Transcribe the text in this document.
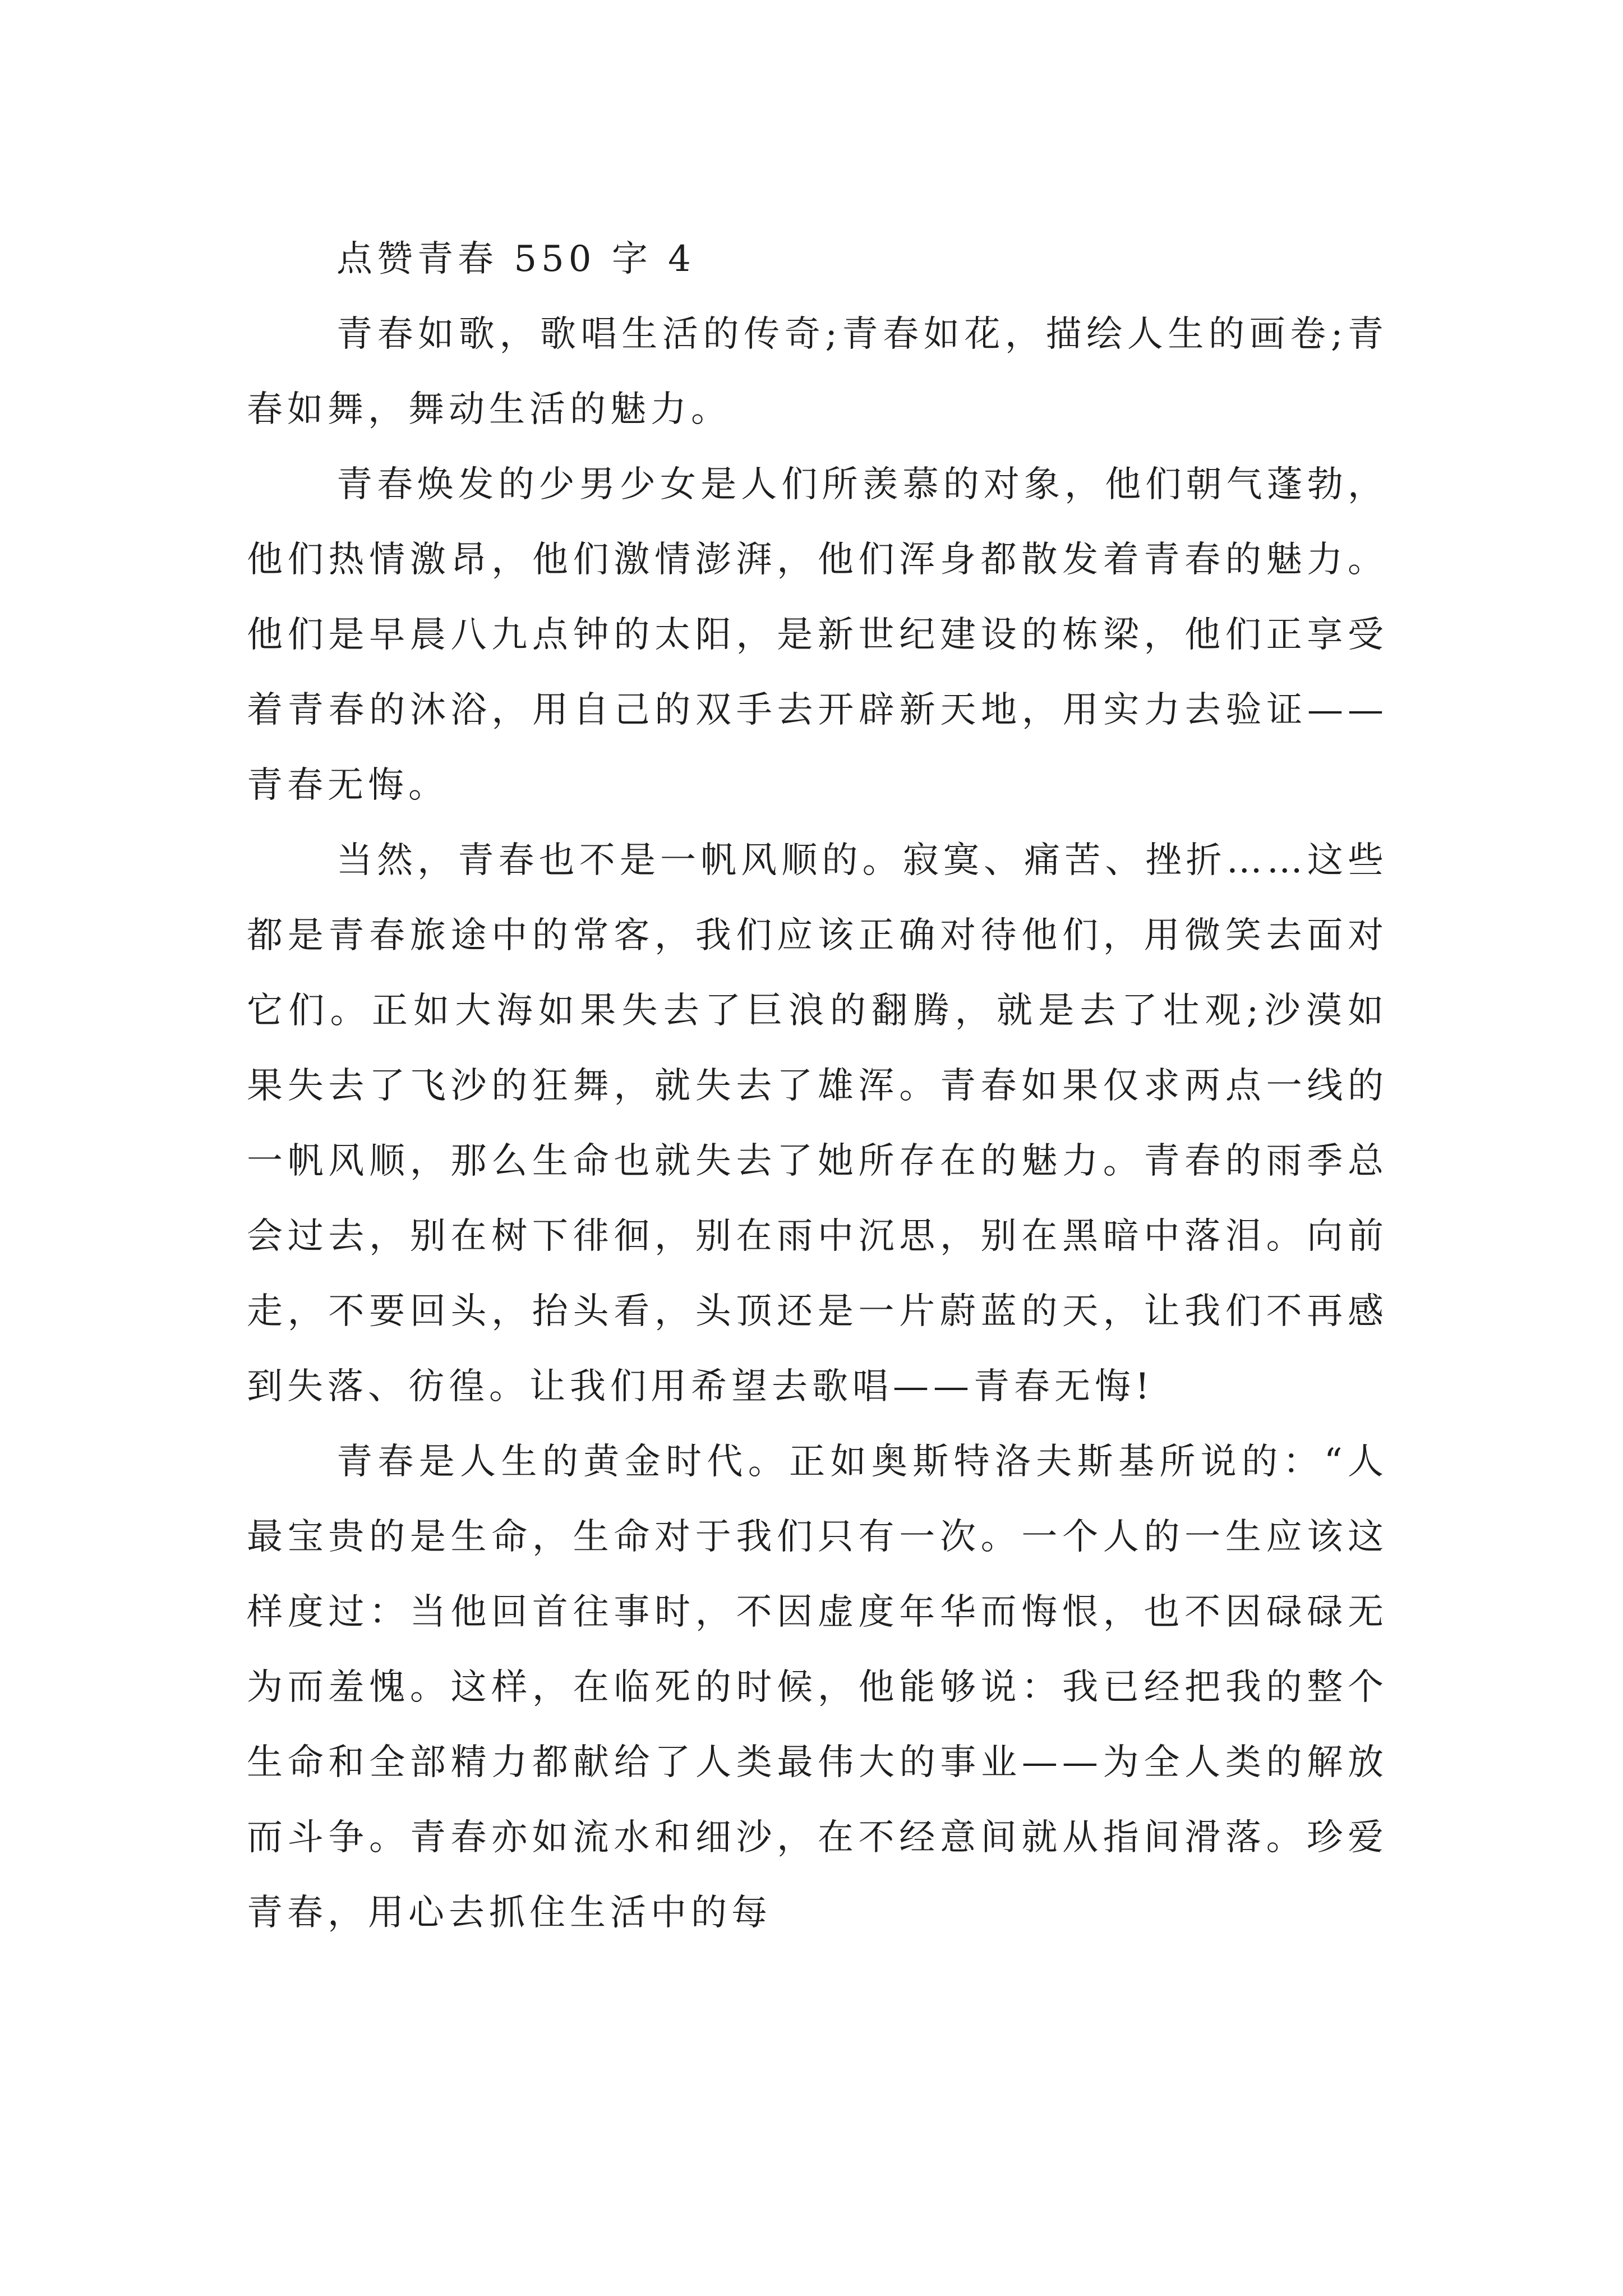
点赞青春 550 字 4

青春如歌，歌唱生活的传奇;青春如花，描绘人生的画卷;青春如舞，舞动生活的魅力。

青春焕发的少男少女是人们所羡慕的对象，他们朝气蓬勃，他们热情激昂，他们激情澎湃，他们浑身都散发着青春的魅力。他们是早晨八九点钟的太阳，是新世纪建设的栋梁，他们正享受着青春的沐浴，用自己的双手去开辟新天地，用实力去验证——青春无悔。

当然，青春也不是一帆风顺的。寂寞、痛苦、挫折……这些都是青春旅途中的常客，我们应该正确对待他们，用微笑去面对它们。正如大海如果失去了巨浪的翻腾，就是去了壮观;沙漠如果失去了飞沙的狂舞，就失去了雄浑。青春如果仅求两点一线的一帆风顺，那么生命也就失去了她所存在的魅力。青春的雨季总会过去，别在树下徘徊，别在雨中沉思，别在黑暗中落泪。向前走，不要回头，抬头看，头顶还是一片蔚蓝的天，让我们不再感到失落、彷徨。让我们用希望去歌唱——青春无悔!

青春是人生的黄金时代。正如奥斯特洛夫斯基所说的：“人最宝贵的是生命，生命对于我们只有一次。一个人的一生应该这样度过：当他回首往事时，不因虚度年华而悔恨，也不因碌碌无为而羞愧。这样，在临死的时候，他能够说：我已经把我的整个生命和全部精力都献给了人类最伟大的事业——为全人类的解放而斗争。青春亦如流水和细沙，在不经意间就从指间滑落。珍爱青春，用心去抓住生活中的每
